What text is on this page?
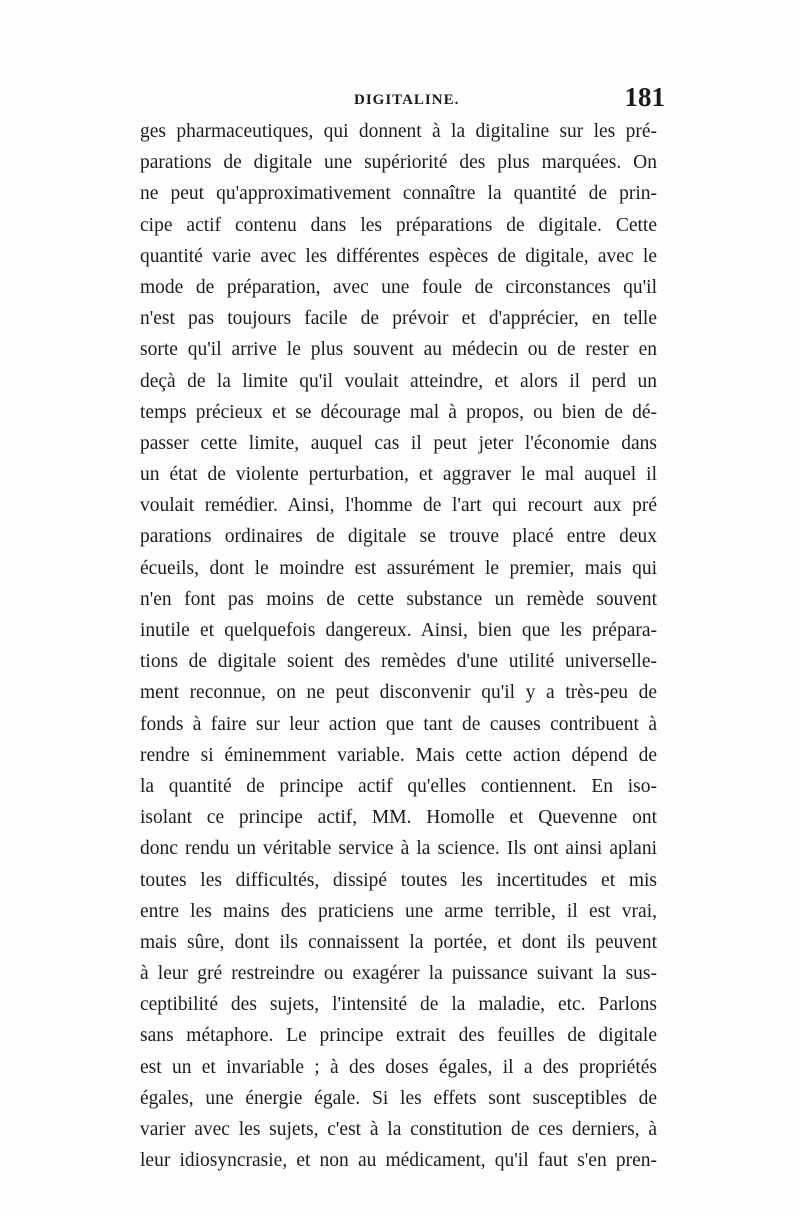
DIGITALINE.	181
ges pharmaceutiques, qui donnent à la digitaline sur les pré-
parations de digitale une supériorité des plus marquées. On
ne peut qu'approximativement connaître la quantité de prin-
cipe actif contenu dans les préparations de digitale. Cette
quantité varie avec les différentes espèces de digitale, avec le
mode de préparation, avec une foule de circonstances qu'il
n'est pas toujours facile de prévoir et d'apprécier, en telle
sorte qu'il arrive le plus souvent au médecin ou de rester en
deçà de la limite qu'il voulait atteindre, et alors il perd un
temps précieux et se décourage mal à propos, ou bien de dé-
passer cette limite, auquel cas il peut jeter l'économie dans
un état de violente perturbation, et aggraver le mal auquel il
voulait remédier. Ainsi, l'homme de l'art qui recourt aux pré
parations ordinaires de digitale se trouve placé entre deux
écueils, dont le moindre est assurément le premier, mais qui
n'en font pas moins de cette substance un remède souvent
inutile et quelquefois dangereux. Ainsi, bien que les prépara-
tions de digitale soient des remèdes d'une utilité universelle-
ment reconnue, on ne peut disconvenir qu'il y a très-peu de
fonds à faire sur leur action que tant de causes contribuent à
rendre si éminemment variable. Mais cette action dépend de
la quantité de principe actif qu'elles contiennent. En iso-
isolant ce principe actif, MM. Homolle et Quevenne ont
donc rendu un véritable service à la science. Ils ont ainsi aplani
toutes les difficultés, dissipé toutes les incertitudes et mis
entre les mains des praticiens une arme terrible, il est vrai,
mais sûre, dont ils connaissent la portée, et dont ils peuvent
à leur gré restreindre ou exagérer la puissance suivant la sus-
ceptibilité des sujets, l'intensité de la maladie, etc. Parlons
sans métaphore. Le principe extrait des feuilles de digitale
est un et invariable ; à des doses égales, il a des propriétés
égales, une énergie égale. Si les effets sont susceptibles de
varier avec les sujets, c'est à la constitution de ces derniers, à
leur idiosyncrasie, et non au médicament, qu'il faut s'en pren-
